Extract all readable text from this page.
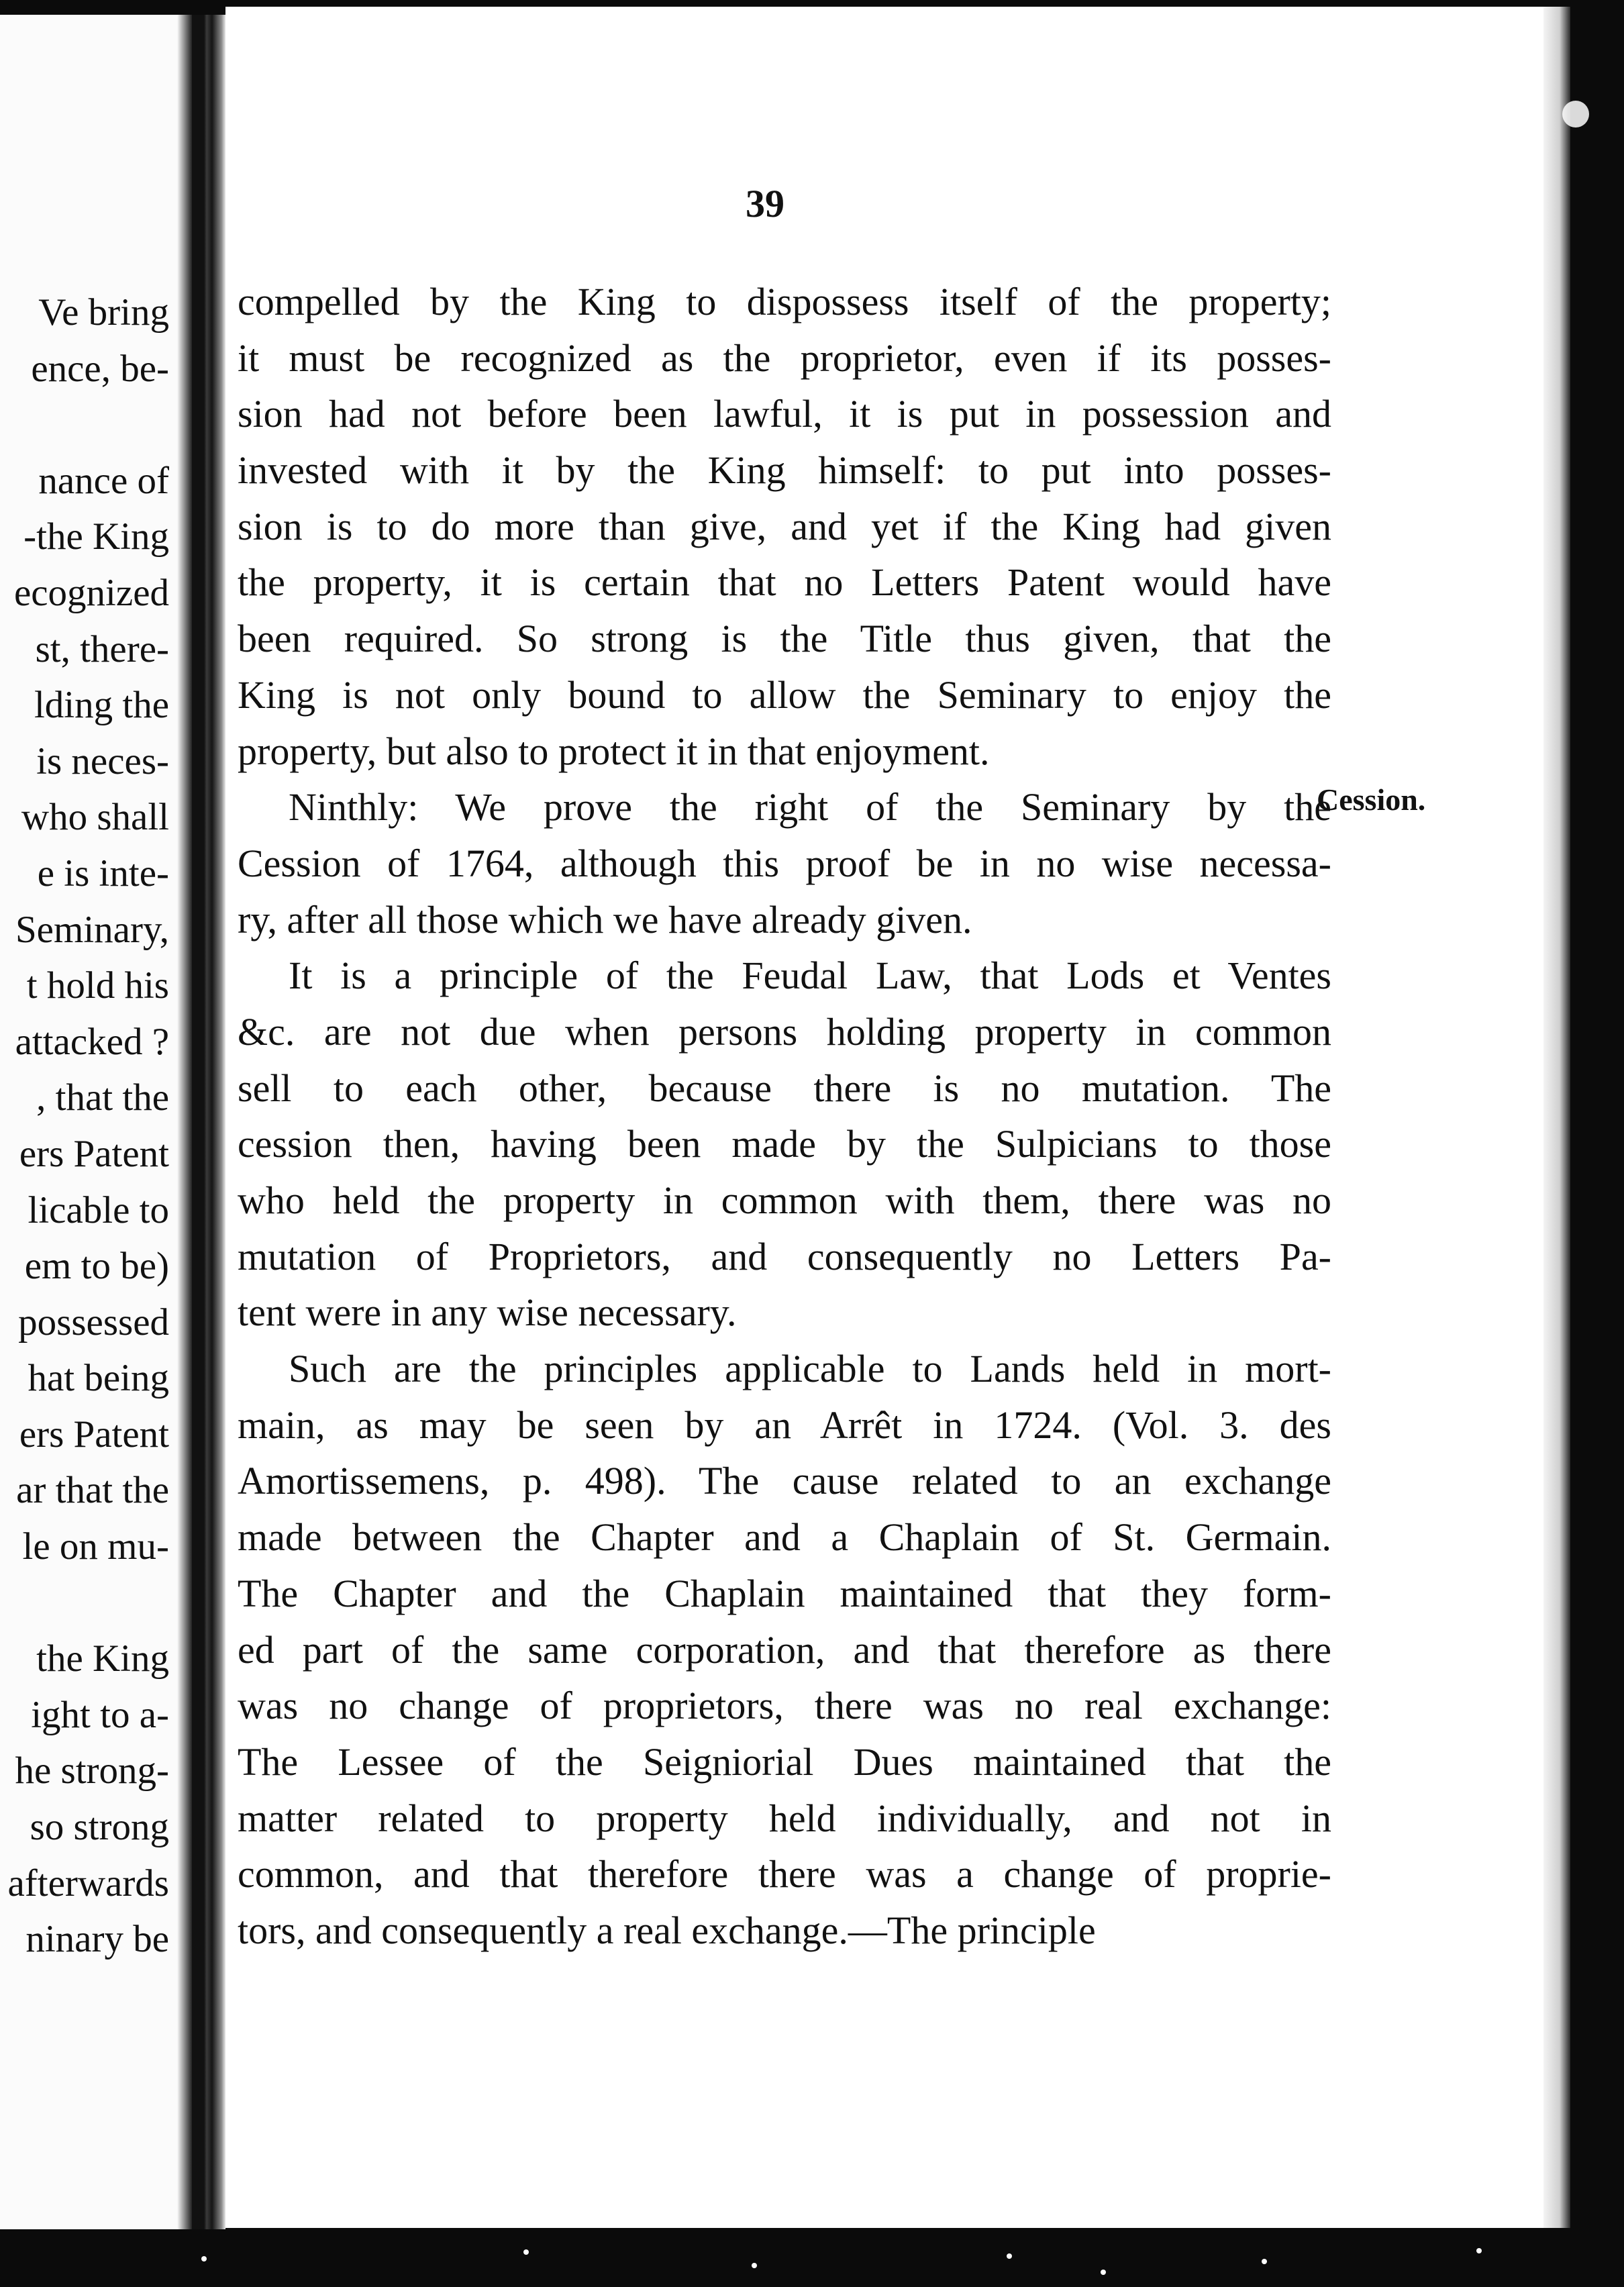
Ve bring
ence, be-
nance of
-the King
ecognized
st, there-
lding the
is neces-
who shall
e is inte-
Seminary,
t hold his
attacked ?
, that the
ers Patent
licable to
em to be)
possessed
hat being
ers Patent
ar that the
le on mu-
the King
ight to a-
he strong-
so strong
afterwards
ninary be
39
compelled by the King to dispossess itself of the property;
it must be recognized as the proprietor, even if its posses-
sion had not before been lawful, it is put in possession and
invested with it by the King himself: to put into posses-
sion is to do more than give, and yet if the King had given
the property, it is certain that no Letters Patent would have
been required. So strong is the Title thus given, that the
King is not only bound to allow the Seminary to enjoy the
property, but also to protect it in that enjoyment.
Ninthly: We prove the right of the Seminary by the
Cession of 1764, although this proof be in no wise necessa-
ry, after all those which we have already given.
It is a principle of the Feudal Law, that Lods et Ventes
&c. are not due when persons holding property in common
sell to each other, because there is no mutation. The
cession then, having been made by the Sulpicians to those
who held the property in common with them, there was no
mutation of Proprietors, and consequently no Letters Pa-
tent were in any wise necessary.
Such are the principles applicable to Lands held in mort-
main, as may be seen by an Arrêt in 1724. (Vol. 3. des
Amortissemens, p. 498). The cause related to an exchange
made between the Chapter and a Chaplain of St. Germain.
The Chapter and the Chaplain maintained that they form-
ed part of the same corporation, and that therefore as there
was no change of proprietors, there was no real exchange:
The Lessee of the Seigniorial Dues maintained that the
matter related to property held individually, and not in
common, and that therefore there was a change of proprie-
tors, and consequently a real exchange.—The principle
Cession.
